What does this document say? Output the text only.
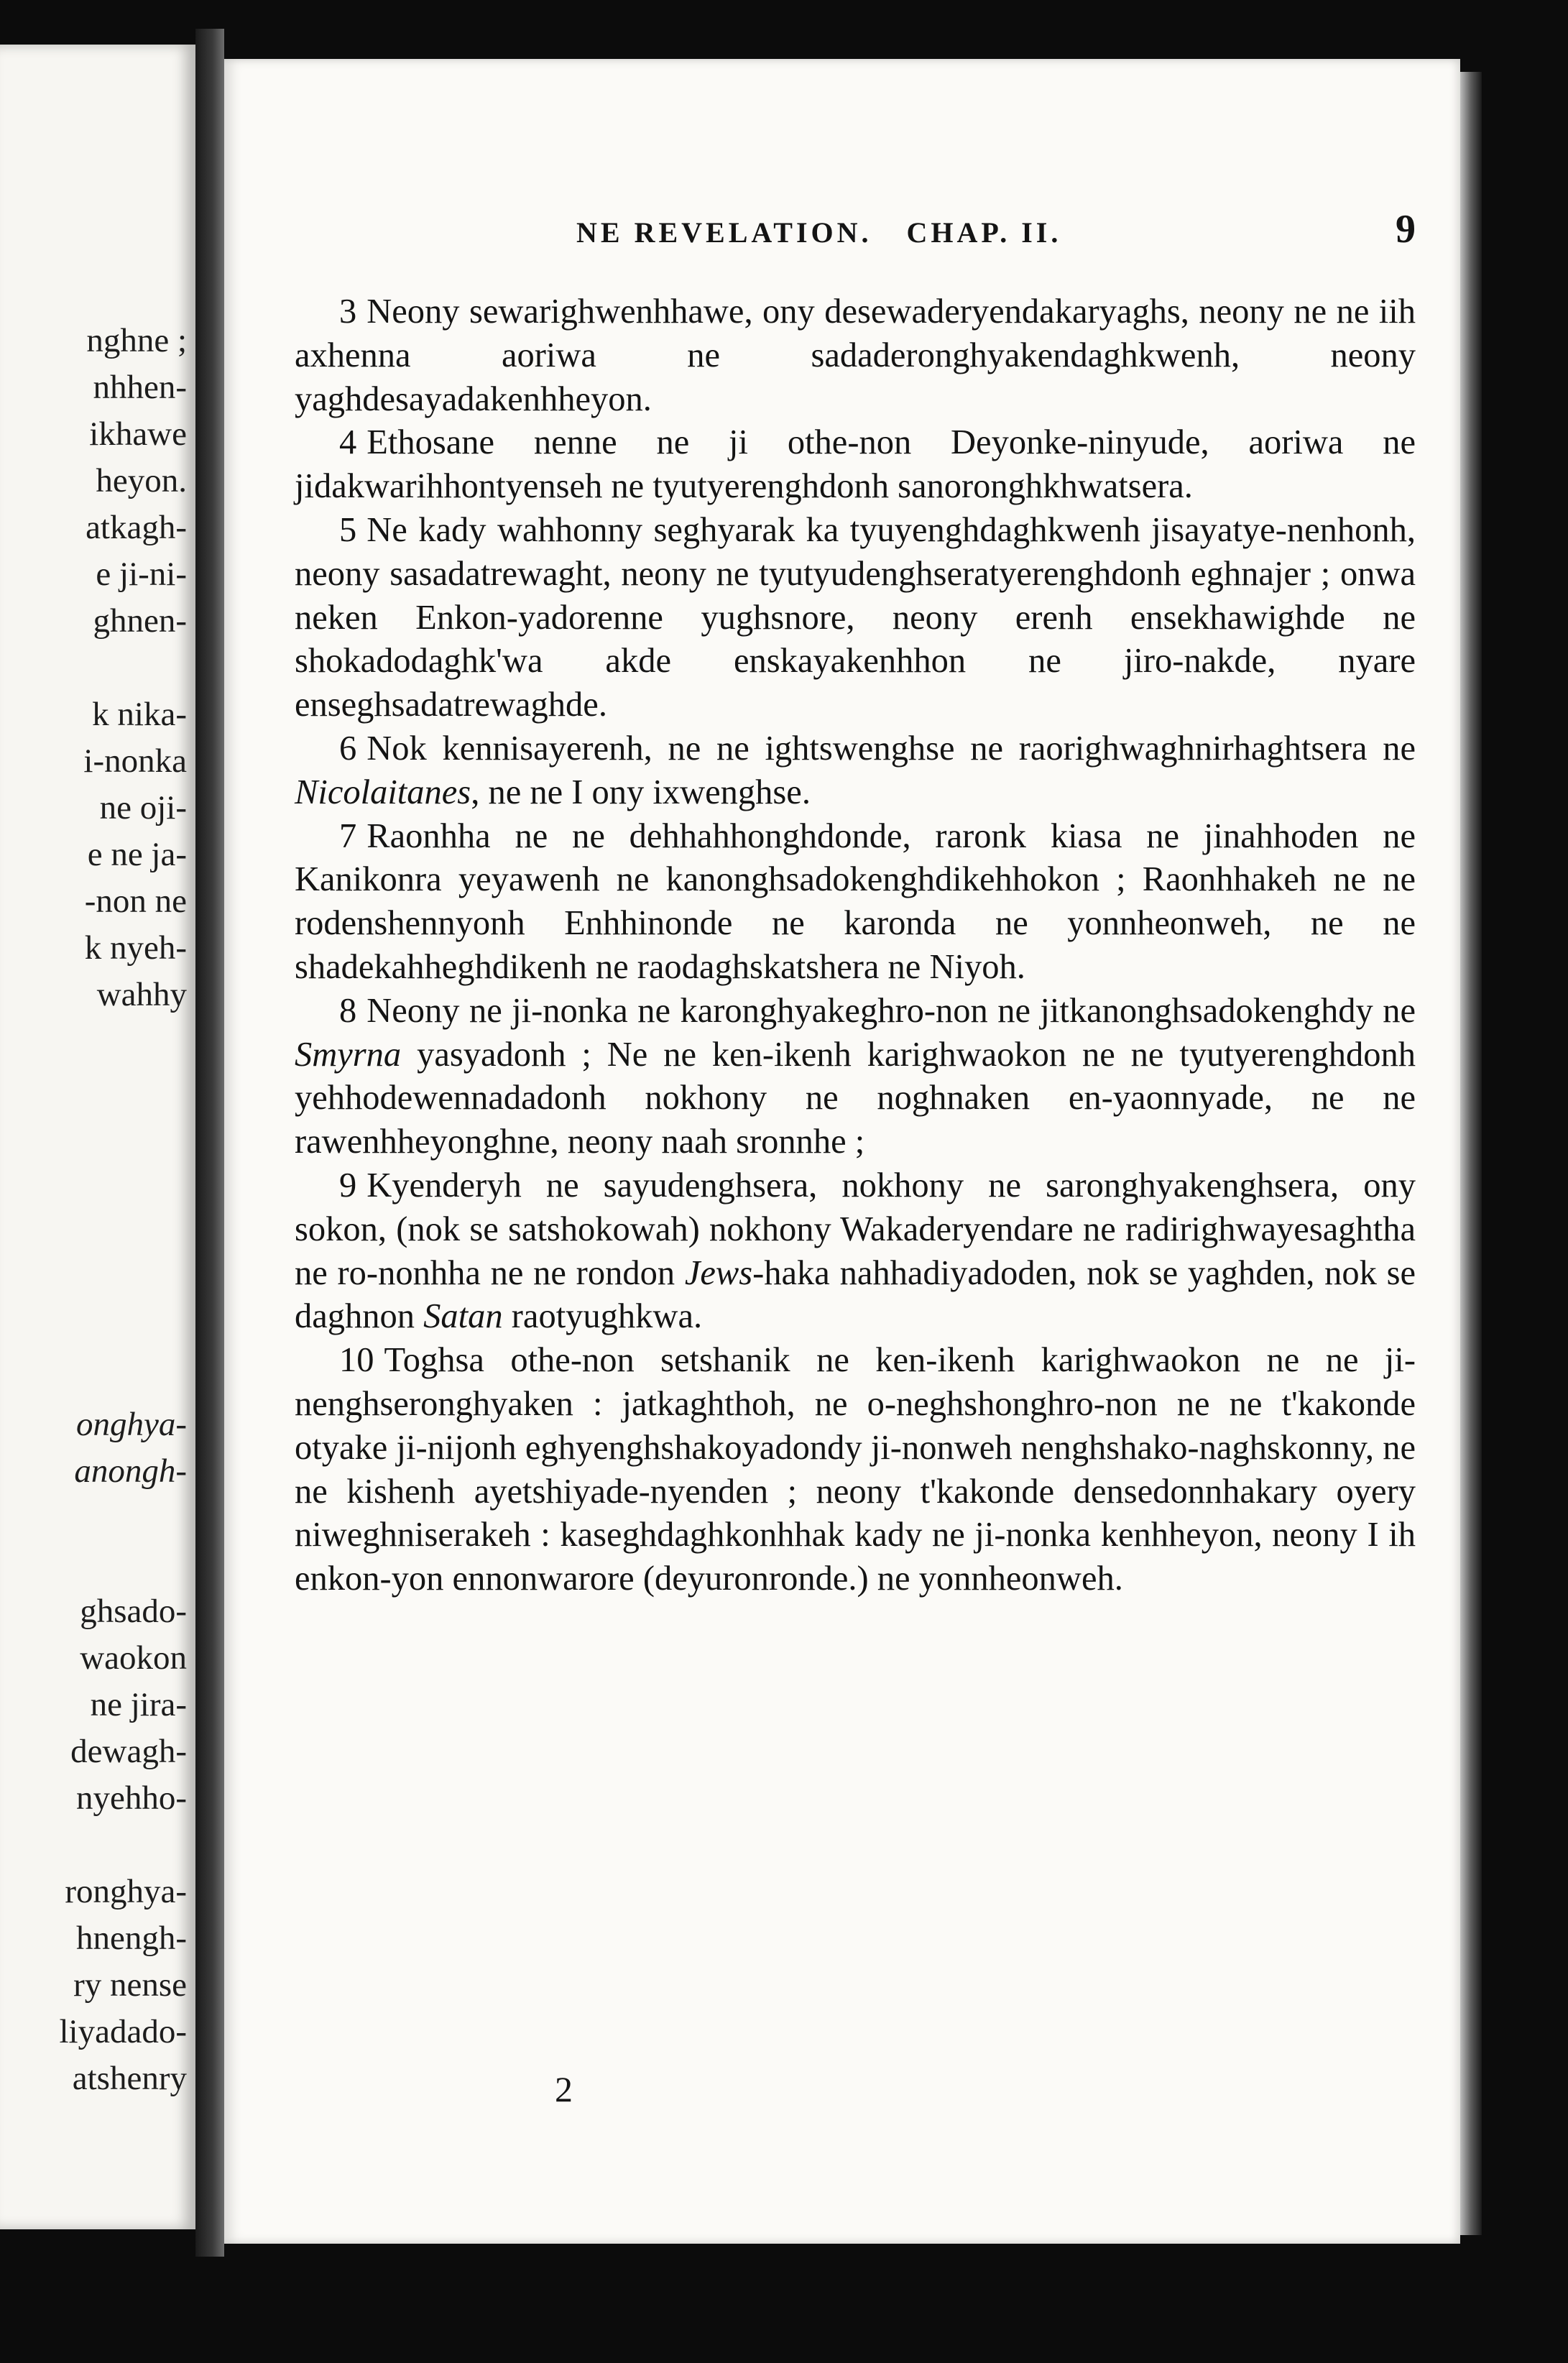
nghne ;
nhhen-
ikhawe
heyon.
atkagh-
e ji-ni-
ghnen-
k nika-
i-nonka
ne oji-
e ne ja-
-non ne
k nyeh-
wahhy
onghya-
anongh-
ghsado-
waokon
ne jira-
dewagh-
nyehho-
ronghya-
hnengh-
ry nense
liyadado-
atshenry
NE REVELATION. CHAP. II.	9

3 Neony sewarighwenhhawe, ony desewaderyendakaryaghs, neony ne ne iih axhenna aoriwa ne sadaderonghyakendaghkwenh, neony yaghdesayadakenhheyon.

4 Ethosane nenne ne ji othe-non Deyonke-ninyude, aoriwa ne jidakwarihhontyenseh ne tyutyerenghdonh sanoronghkhwatsera.

5 Ne kady wahhonny seghyarak ka tyuyenghdaghkwenh jisayatye-nenhonh, neony sasadatrewaght, neony ne tyutyudenghseratyerenghdonh eghnajer ; onwa neken Enkon-yadorenne yughsnore, neony erenh ensekhawighde ne shokadodaghk'wa akde enskayakenhhon ne jiro-nakde, nyare enseghsadatrewaghde.

6 Nok kennisayerenh, ne ne ightswenghse ne raorighwaghnirhaghtsera ne Nicolaitanes, ne ne I ony ixwenghse.

7 Raonhha ne ne dehhahhonghdonde, raronk kiasa ne jinahhoden ne Kanikonra yeyawenh ne kanonghsadokenghdikehhokon ; Raonhhakeh ne ne rodenshennyonh Enhhinonde ne karonda ne yonnheonweh, ne ne shadekahheghdikenh ne raodaghskatshera ne Niyoh.

8 Neony ne ji-nonka ne karonghyakeghro-non ne jitkanonghsadokenghdy ne Smyrna yasyadonh ; Ne ne ken-ikenh karighwaokon ne ne tyutyerenghdonh yehhodewennadadonh nokhony ne noghnaken en-yaonnyade, ne ne rawenhheyonghne, neony naah sronnhe ;

9 Kyenderyh ne sayudenghsera, nokhony ne saronghyakenghsera, ony sokon, (nok se satshokowah) nokhony Wakaderyendare ne radirighwayesaghtha ne ro-nonhha ne ne rondon Jews-haka nahhadiyadoden, nok se yaghden, nok se daghnon Satan raotyughkwa.

10 Toghsa othe-non setshanik ne ken-ikenh karighwaokon ne ne ji-nenghseronghyaken : jatkaghthoh, ne o-neghshonghro-non ne ne t'kakonde otyake ji-nijonh eghyenghshakoyadondy ji-nonweh nenghshako-naghskonny, ne ne kishenh ayetshiyade-nyenden ; neony t'kakonde densedonnhakary oyery niweghniserakeh : kaseghdaghkonhhak kady ne ji-nonka kenhheyon, neony I ih enkon-yon ennonwarore (deyuronronde.) ne yonnheonweh.

2
